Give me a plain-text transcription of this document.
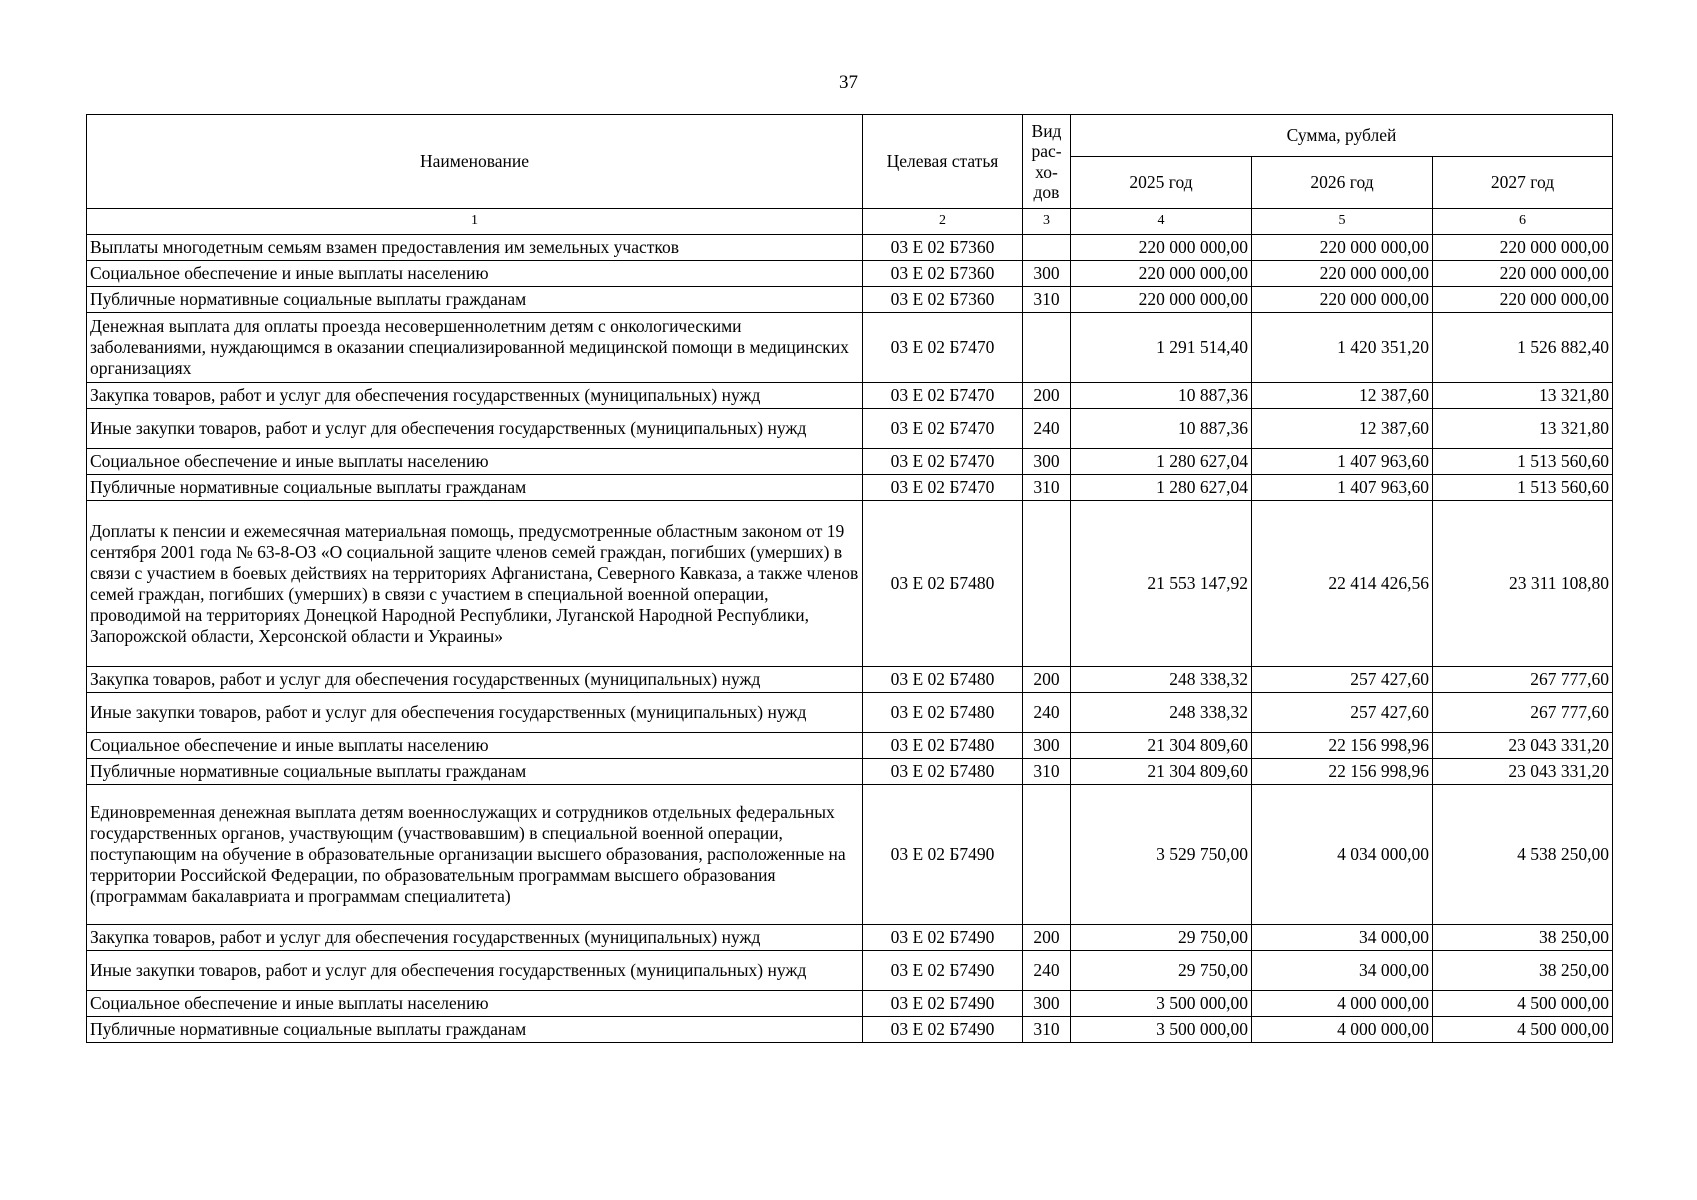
37
Наименование	Целевая статья	Вид рас-хо-дов	Сумма, рублей		
			2025 год	2026 год	2027 год
1	2	3	4	5	6
Выплаты многодетным семьям взамен предоставления им земельных участков	03 Е 02 Б7360		220 000 000,00	220 000 000,00	220 000 000,00
Социальное обеспечение и иные выплаты населению	03 Е 02 Б7360	300	220 000 000,00	220 000 000,00	220 000 000,00
Публичные нормативные социальные выплаты гражданам	03 Е 02 Б7360	310	220 000 000,00	220 000 000,00	220 000 000,00
Денежная выплата для оплаты проезда несовершеннолетним детям с онкологическими заболеваниями, нуждающимся в оказании специализированной медицинской помощи в медицинских организациях	03 Е 02 Б7470		1 291 514,40	1 420 351,20	1 526 882,40
Закупка товаров, работ и услуг для обеспечения государственных (муниципальных) нужд	03 Е 02 Б7470	200	10 887,36	12 387,60	13 321,80
Иные закупки товаров, работ и услуг для обеспечения государственных (муниципальных) нужд	03 Е 02 Б7470	240	10 887,36	12 387,60	13 321,80
Социальное обеспечение и иные выплаты населению	03 Е 02 Б7470	300	1 280 627,04	1 407 963,60	1 513 560,60
Публичные нормативные социальные выплаты гражданам	03 Е 02 Б7470	310	1 280 627,04	1 407 963,60	1 513 560,60
Доплаты к пенсии и ежемесячная материальная помощь, предусмотренные областным законом от 19 сентября 2001 года № 63-8-ОЗ «О социальной защите членов семей граждан, погибших (умерших) в связи с участием в боевых действиях на территориях Афганистана, Северного Кавказа, а также членов семей граждан, погибших (умерших) в связи с участием в специальной военной операции, проводимой на территориях Донецкой Народной Республики, Луганской Народной Республики, Запорожской области, Херсонской области и Украины»	03 Е 02 Б7480		21 553 147,92	22 414 426,56	23 311 108,80
Закупка товаров, работ и услуг для обеспечения государственных (муниципальных) нужд	03 Е 02 Б7480	200	248 338,32	257 427,60	267 777,60
Иные закупки товаров, работ и услуг для обеспечения государственных (муниципальных) нужд	03 Е 02 Б7480	240	248 338,32	257 427,60	267 777,60
Социальное обеспечение и иные выплаты населению	03 Е 02 Б7480	300	21 304 809,60	22 156 998,96	23 043 331,20
Публичные нормативные социальные выплаты гражданам	03 Е 02 Б7480	310	21 304 809,60	22 156 998,96	23 043 331,20
Единовременная денежная выплата детям военнослужащих и сотрудников отдельных федеральных государственных органов, участвующим (участвовавшим) в специальной военной операции, поступающим на обучение в образовательные организации высшего образования, расположенные на территории Российской Федерации, по образовательным программам высшего образования (программам бакалавриата и программам специалитета)	03 Е 02 Б7490		3 529 750,00	4 034 000,00	4 538 250,00
Закупка товаров, работ и услуг для обеспечения государственных (муниципальных) нужд	03 Е 02 Б7490	200	29 750,00	34 000,00	38 250,00
Иные закупки товаров, работ и услуг для обеспечения государственных (муниципальных) нужд	03 Е 02 Б7490	240	29 750,00	34 000,00	38 250,00
Социальное обеспечение и иные выплаты населению	03 Е 02 Б7490	300	3 500 000,00	4 000 000,00	4 500 000,00
Публичные нормативные социальные выплаты гражданам	03 Е 02 Б7490	310	3 500 000,00	4 000 000,00	4 500 000,00
